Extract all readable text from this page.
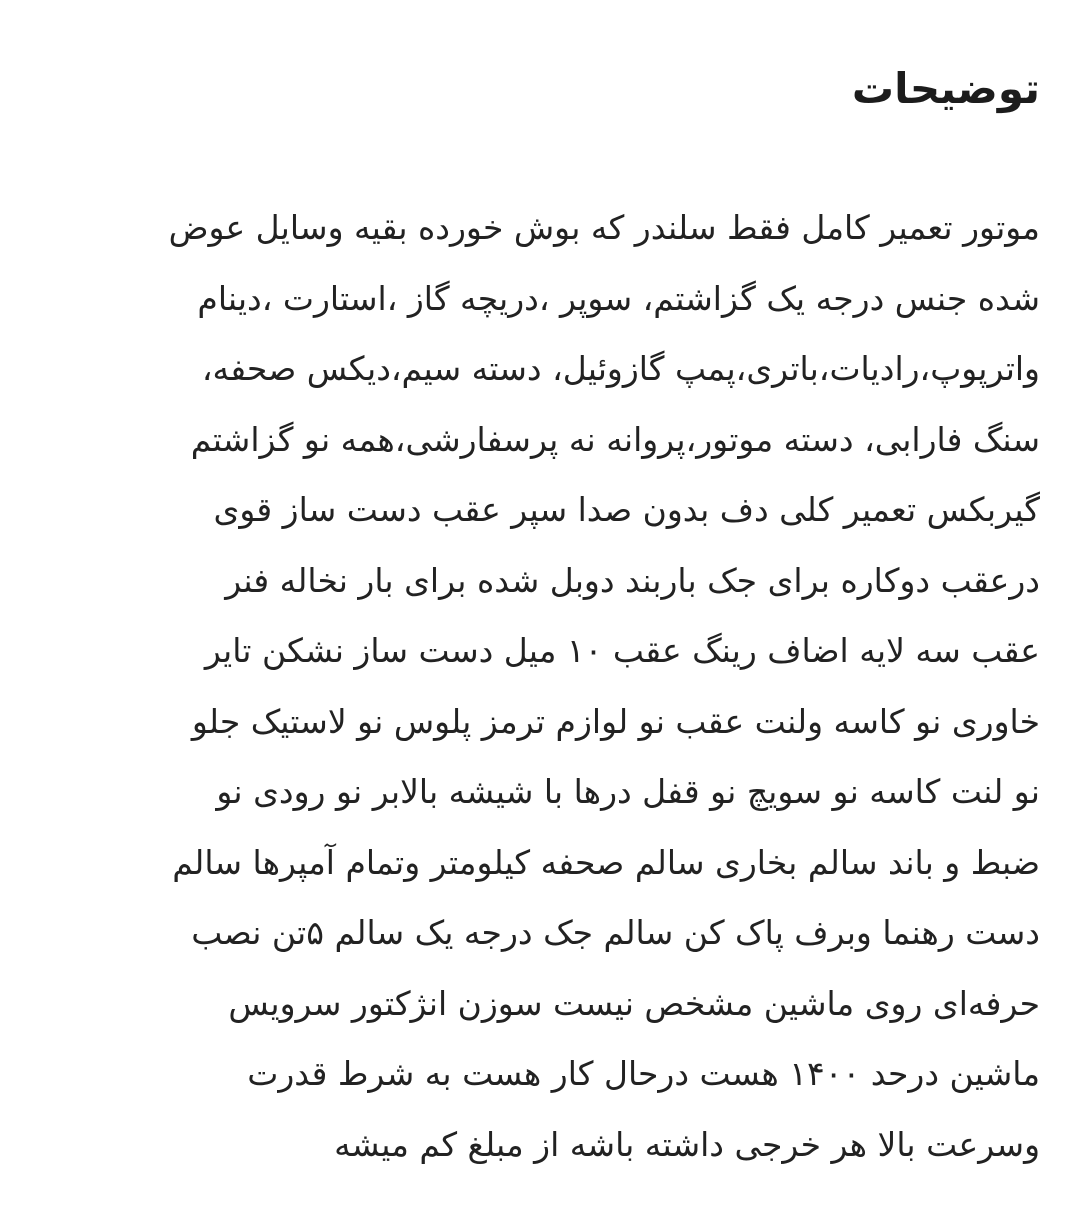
توضیحات
موتور تعمیر کامل فقط سلندر که بوش خورده بقیه وسایل عوض
شده جنس درجه یک گزاشتم، سوپر ،دریچه گاز ،استارت ،دینام
واترپوپ،رادیات،باتری،پمپ گازوئیل، دسته سیم،دیکس صحفه،
سنگ فارابی، دسته موتور،پروانه نه پرسفارشی،همه نو گزاشتم
گیربکس تعمیر کلی دف بدون صدا سپر عقب دست ساز قوی
درعقب دوکاره برای جک باربند دوبل شده برای بار نخاله فنر
عقب سه لایه اضاف رینگ عقب ۱۰ میل دست ساز نشکن تایر
خاوری نو کاسه ولنت عقب نو لوازم ترمز پلوس نو لاستیک جلو
نو لنت کاسه نو سویچ نو قفل درها با شیشه بالابر نو رودی نو
ضبط و باند سالم بخاری سالم صحفه کیلومتر وتمام آمپرها سالم
دست رهنما وبرف پاک کن سالم جک درجه یک سالم ۵تن نصب
حرفه‌ای روی ماشین مشخص نیست سوزن انژکتور سرویس
ماشین درحد ۱۴۰۰ هست درحال کار هست به شرط قدرت
وسرعت بالا هر خرجی داشته باشه از مبلغ کم میشه
